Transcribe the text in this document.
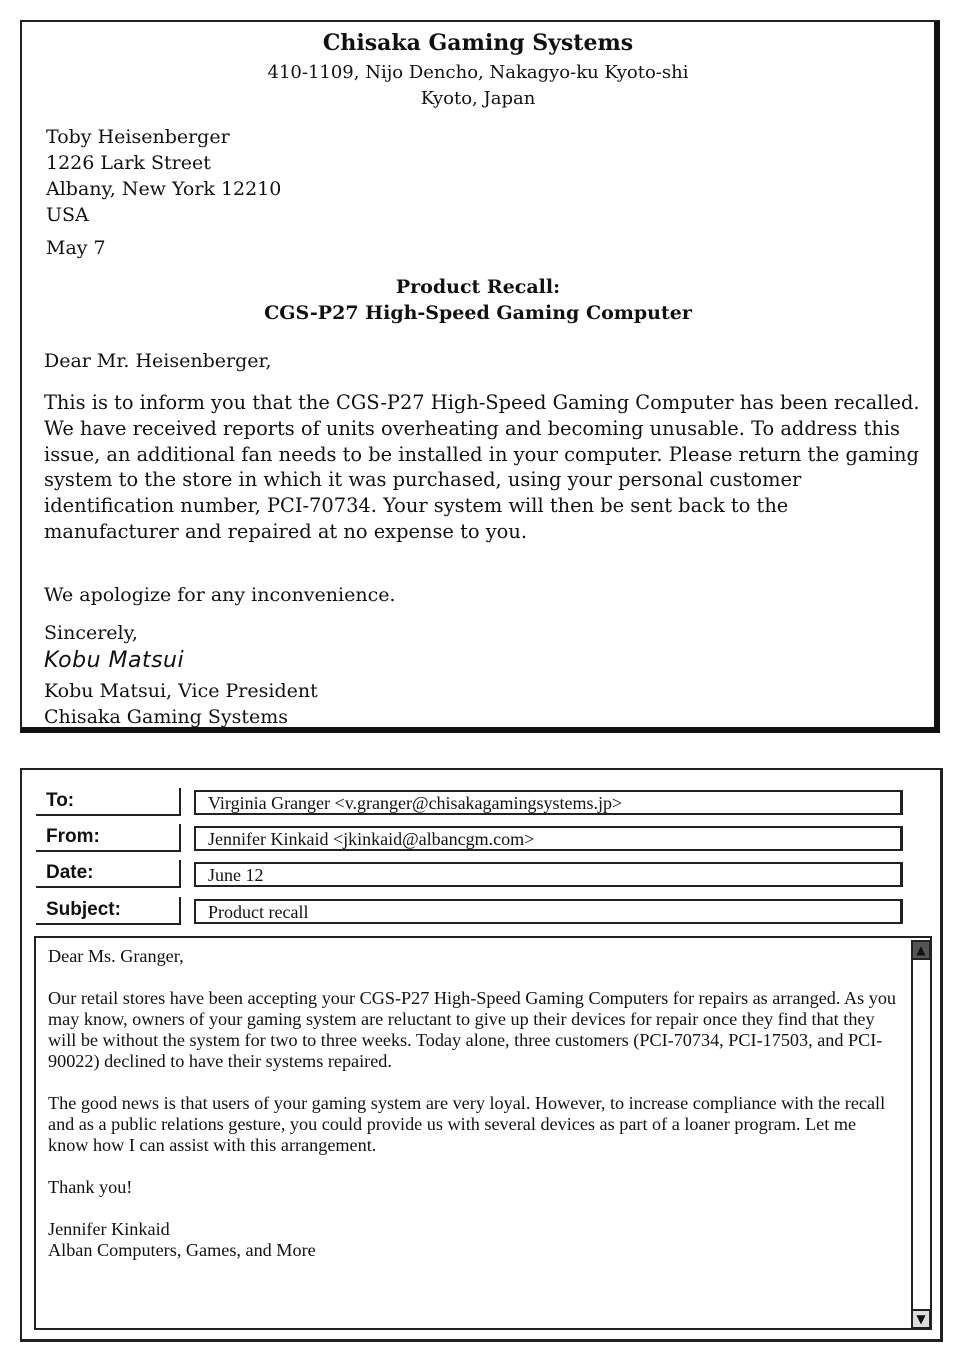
Chisaka Gaming Systems
410-1109, Nijo Dencho, Nakagyo-ku Kyoto-shi
Kyoto, Japan
Toby Heisenberger
1226 Lark Street
Albany, New York 12210
USA
May 7
Product Recall:
CGS-P27 High-Speed Gaming Computer
Dear Mr. Heisenberger,
This is to inform you that the CGS-P27 High-Speed Gaming Computer has been recalled. We have received reports of units overheating and becoming unusable. To address this issue, an additional fan needs to be installed in your computer. Please return the gaming system to the store in which it was purchased, using your personal customer identification number, PCI-70734. Your system will then be sent back to the manufacturer and repaired at no expense to you.
We apologize for any inconvenience.
Sincerely,
Kobu Matsui
Kobu Matsui, Vice President
Chisaka Gaming Systems
To:	Virginia Granger <v.granger@chisakagamingsystems.jp>
From:	Jennifer Kinkaid <jkinkaid@albancgm.com>
Date:	June 12
Subject:	Product recall

Dear Ms. Granger,

Our retail stores have been accepting your CGS-P27 High-Speed Gaming Computers for repairs as arranged. As you may know, owners of your gaming system are reluctant to give up their devices for repair once they find that they will be without the system for two to three weeks. Today alone, three customers (PCI-70734, PCI-17503, and PCI-90022) declined to have their systems repaired.

The good news is that users of your gaming system are very loyal. However, to increase compliance with the recall and as a public relations gesture, you could provide us with several devices as part of a loaner program. Let me know how I can assist with this arrangement.

Thank you!

Jennifer Kinkaid
Alban Computers, Games, and More

▲
▼
